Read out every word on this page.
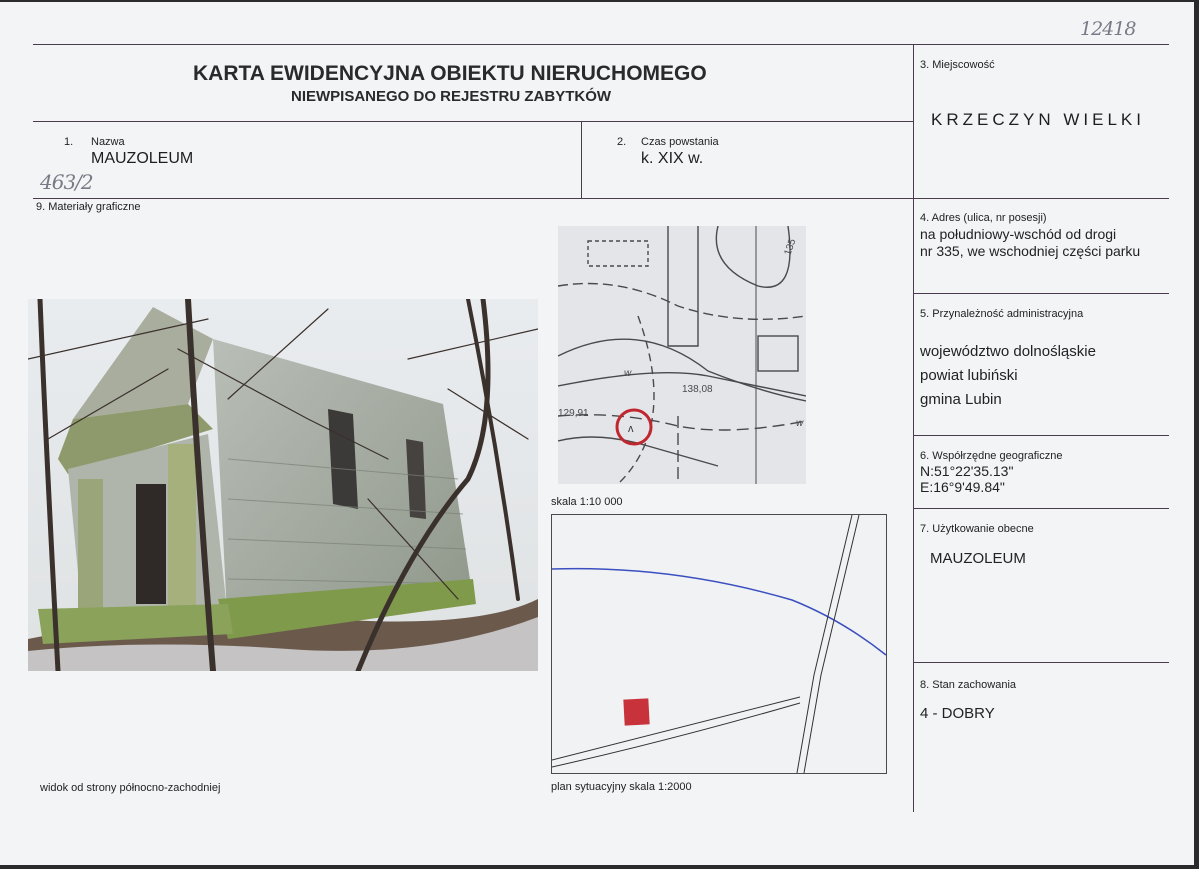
12418
463/2
KARTA EWIDENCYJNA OBIEKTU NIERUCHOMEGO
NIEWPISANEGO DO REJESTRU ZABYTKÓW
1. Nazwa
MAUZOLEUM
2. Czas powstania
k. XIX w.
3. Miejscowość
KRZECZYN WIELKI
4. Adres (ulica, nr posesji)
na południowy-wschód od drogi
nr 335, we wschodniej części parku
5. Przynależność administracyjna
województwo dolnośląskie
powiat lubiński
gmina Lubin
6. Współrzędne geograficzne
N:51°22'35.13"
E:16°9'49.84"
7. Użytkowanie obecne
MAUZOLEUM
8. Stan zachowania
4 - DOBRY
9. Materiały graficzne
129,91
138,08
135
w
w
ʌ
skala 1:10 000
plan sytuacyjny skala 1:2000
widok od strony północno-zachodniej
